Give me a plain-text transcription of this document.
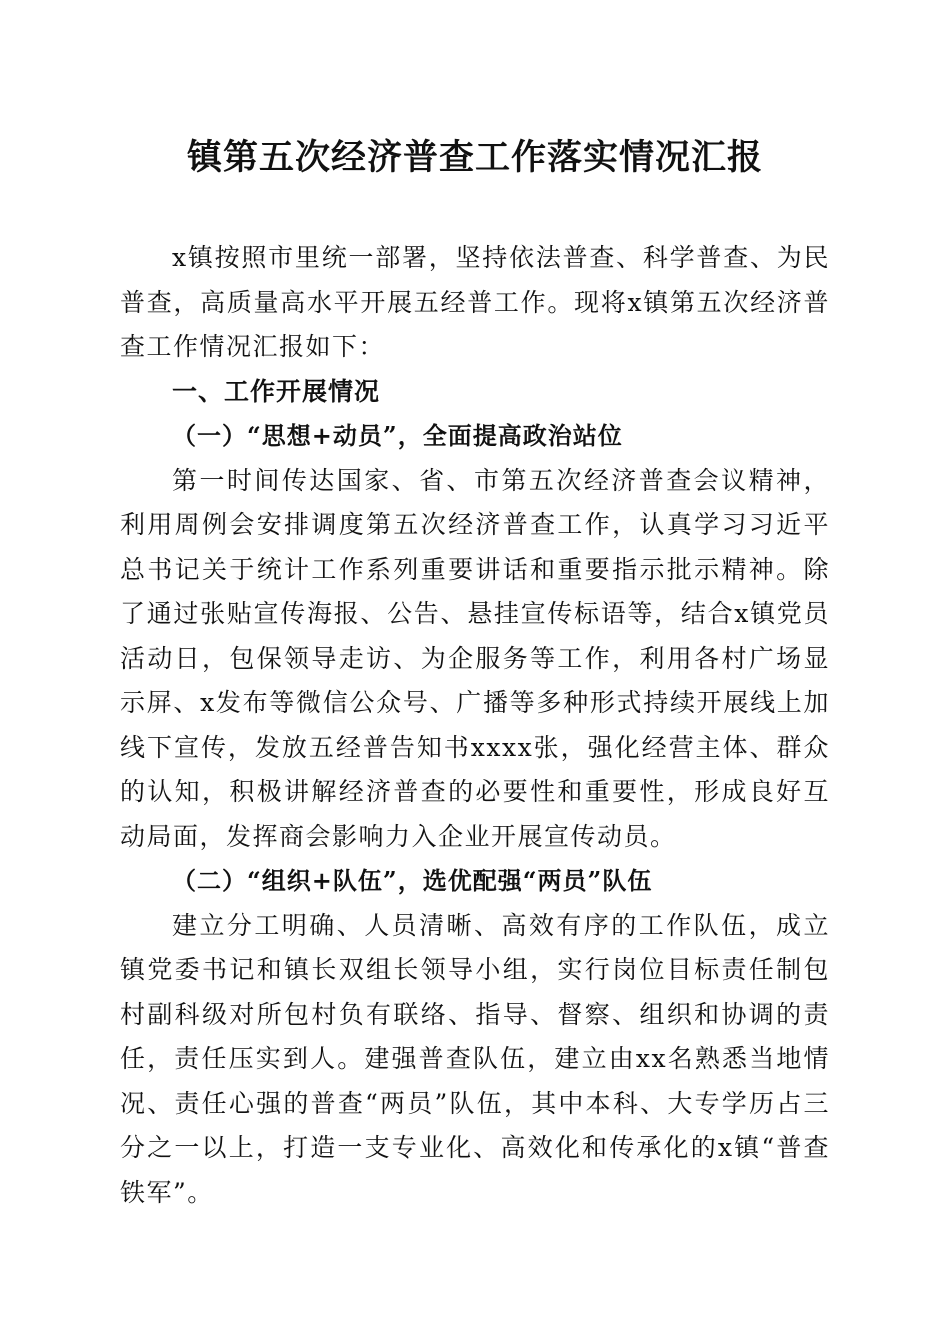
镇第五次经济普查工作落实情况汇报

x镇按照市里统一部署，坚持依法普查、科学普查、为民普查，高质量高水平开展五经普工作。现将x镇第五次经济普查工作情况汇报如下：

一、工作开展情况
（一）“思想+动员”，全面提高政治站位

第一时间传达国家、省、市第五次经济普查会议精神，利用周例会安排调度第五次经济普查工作，认真学习习近平总书记关于统计工作系列重要讲话和重要指示批示精神。除了通过张贴宣传海报、公告、悬挂宣传标语等，结合x镇党员活动日，包保领导走访、为企服务等工作，利用各村广场显示屏、x发布等微信公众号、广播等多种形式持续开展线上加线下宣传，发放五经普告知书xxxx张，强化经营主体、群众的认知，积极讲解经济普查的必要性和重要性，形成良好互动局面，发挥商会影响力入企业开展宣传动员。

（二）“组织+队伍”，选优配强“两员”队伍

建立分工明确、人员清晰、高效有序的工作队伍，成立镇党委书记和镇长双组长领导小组，实行岗位目标责任制包村副科级对所包村负有联络、指导、督察、组织和协调的责任，责任压实到人。建强普查队伍，建立由xx名熟悉当地情况、责任心强的普查“两员”队伍，其中本科、大专学历占三分之一以上，打造一支专业化、高效化和传承化的x镇“普查铁军”。
